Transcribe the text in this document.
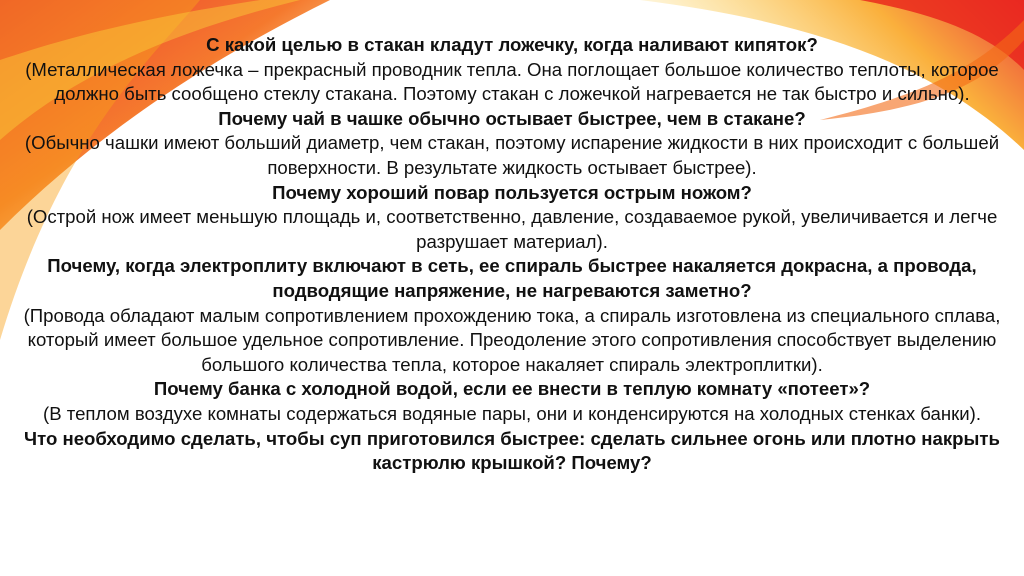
С какой целью в стакан кладут ложечку, когда наливают кипяток?

(Металлическая ложечка – прекрасный проводник тепла. Она поглощает большое количество теплоты, которое должно быть сообщено стеклу стакана. Поэтому стакан с ложечкой нагревается не так быстро и сильно).

Почему чай в чашке обычно остывает быстрее, чем в стакане?

(Обычно чашки имеют больший диаметр, чем стакан, поэтому испарение жидкости в них происходит с большей поверхности. В результате жидкость остывает быстрее).

Почему хороший повар пользуется острым ножом?

(Острой нож имеет меньшую площадь и, соответственно, давление, создаваемое рукой, увеличивается и легче разрушает материал).

Почему, когда электроплиту включают в сеть, ее спираль быстрее накаляется докрасна, а провода, подводящие напряжение, не нагреваются заметно?

(Провода обладают малым сопротивлением прохождению тока, а спираль изготовлена из специального сплава, который имеет большое удельное сопротивление. Преодоление этого сопротивления способствует выделению большого количества тепла, которое накаляет спираль электроплитки).

Почему банка с холодной водой, если ее внести в теплую комнату «потеет»?

(В теплом воздухе комнаты содержаться водяные пары, они и конденсируются на холодных стенках банки).

Что необходимо сделать, чтобы суп приготовился быстрее: сделать сильнее огонь или плотно накрыть кастрюлю крышкой? Почему?
